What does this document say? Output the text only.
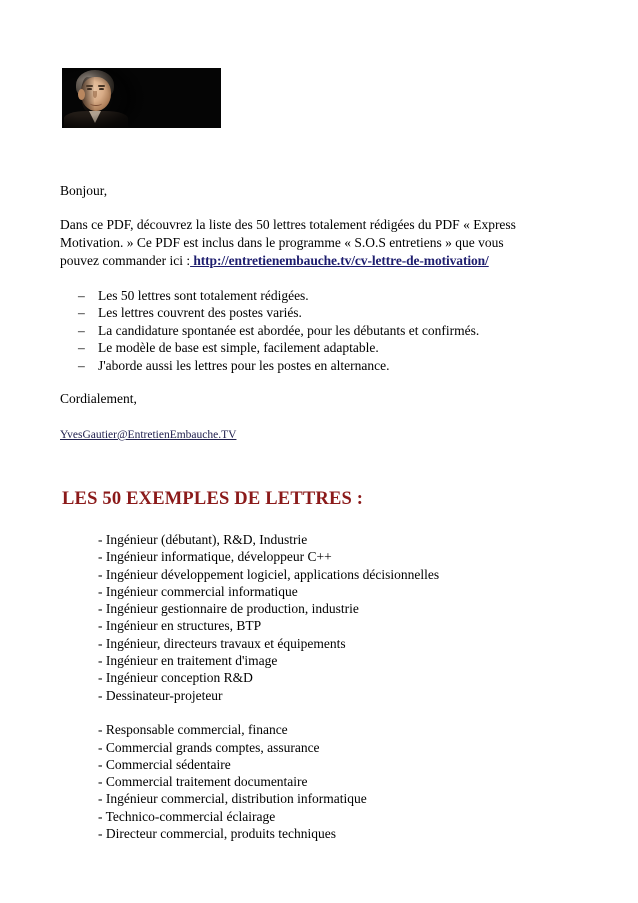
Bonjour,
Dans ce PDF, découvrez la liste des 50 lettres totalement rédigées du PDF « Express
Motivation. » Ce PDF est inclus dans le programme « S.O.S entretiens » que vous
pouvez commander ici : http://entretienembauche.tv/cv-lettre-de-motivation/
– Les 50 lettres sont totalement rédigées.
– Les lettres couvrent des postes variés.
– La candidature spontanée est abordée, pour les débutants et confirmés.
– Le modèle de base est simple, facilement adaptable.
– J'aborde aussi les lettres pour les postes en alternance.
Cordialement,
YvesGautier@EntretienEmbauche.TV
LES 50 EXEMPLES DE LETTRES :
- Ingénieur (débutant), R&D, Industrie
- Ingénieur informatique, développeur C++
- Ingénieur développement logiciel, applications décisionnelles
- Ingénieur commercial informatique
- Ingénieur gestionnaire de production, industrie
- Ingénieur en structures, BTP
- Ingénieur, directeurs travaux et équipements
- Ingénieur en traitement d'image
- Ingénieur conception R&D
- Dessinateur-projeteur
- Responsable commercial, finance
- Commercial grands comptes, assurance
- Commercial sédentaire
- Commercial traitement documentaire
- Ingénieur commercial, distribution informatique
- Technico-commercial éclairage
- Directeur commercial, produits techniques
